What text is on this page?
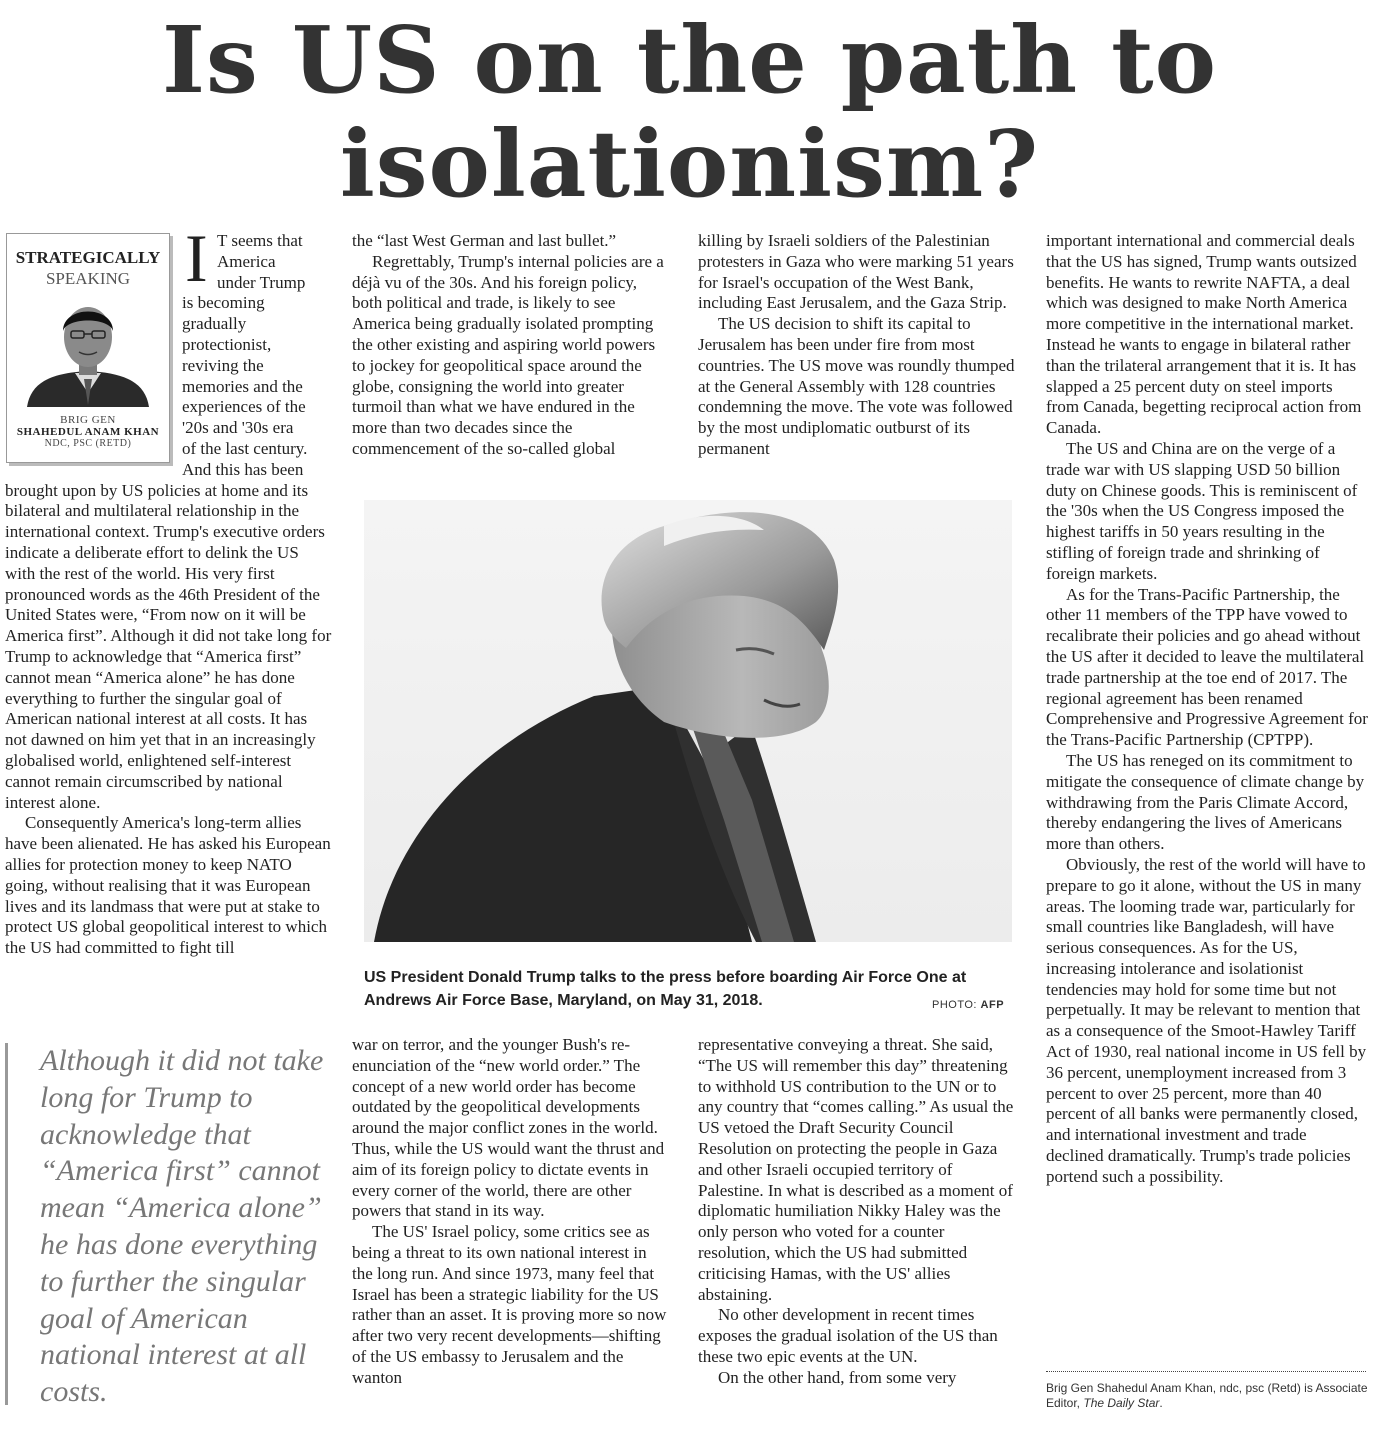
Is US on the path to isolationism?
STRATEGICALLY
SPEAKING
BRIG GEN
SHAHEDUL ANAM KHAN
NDC, PSC (RETD)
I T seems that
America
under Trump
is becoming
gradually
protectionist,
reviving the
memories and the
experiences of the
'20s and '30s era
of the last century.
And this has been

brought upon by US policies at home and its bilateral and multilateral relationship in the international context. Trump's executive orders indicate a deliberate effort to delink the US with the rest of the world. His very first pronounced words as the 46th President of the United States were, “From now on it will be America first”. Although it did not take long for Trump to acknowledge that “America first” cannot mean “America alone” he has done everything to further the singular goal of American national interest at all costs. It has not dawned on him yet that in an increasingly globalised world, enlightened self-interest cannot remain circumscribed by national interest alone.

Consequently America's long-term allies have been alienated. He has asked his European allies for protection money to keep NATO going, without realising that it was European lives and its landmass that were put at stake to protect US global geopolitical interest to which the US had committed to fight till

Although it did not take long for Trump to acknowledge that “America first” cannot mean “America alone” he has done everything to further the singular goal of American national interest at all costs.

the “last West German and last bullet.”

Regrettably, Trump's internal policies are a déjà vu of the 30s. And his foreign policy, both political and trade, is likely to see America being gradually isolated prompting the other existing and aspiring world powers to jockey for geopolitical space around the globe, consigning the world into greater turmoil than what we have endured in the more than two decades since the commencement of the so-called global

war on terror, and the younger Bush's re-enunciation of the “new world order.” The concept of a new world order has become outdated by the geopolitical developments around the major conflict zones in the world. Thus, while the US would want the thrust and aim of its foreign policy to dictate events in every corner of the world, there are other powers that stand in its way.

The US' Israel policy, some critics see as being a threat to its own national interest in the long run. And since 1973, many feel that Israel has been a strategic liability for the US rather than an asset. It is proving more so now after two very recent developments—shifting of the US embassy to Jerusalem and the wanton

killing by Israeli soldiers of the Palestinian protesters in Gaza who were marking 51 years for Israel's occupation of the West Bank, including East Jerusalem, and the Gaza Strip.

The US decision to shift its capital to Jerusalem has been under fire from most countries. The US move was roundly thumped at the General Assembly with 128 countries condemning the move. The vote was followed by the most undiplomatic outburst of its permanent

representative conveying a threat. She said, “The US will remember this day” threatening to withhold US contribution to the UN or to any country that “comes calling.” As usual the US vetoed the Draft Security Council Resolution on protecting the people in Gaza and other Israeli occupied territory of Palestine. In what is described as a moment of diplomatic humiliation Nikky Haley was the only person who voted for a counter resolution, which the US had submitted criticising Hamas, with the US' allies abstaining.

No other development in recent times exposes the gradual isolation of the US than these two epic events at the UN.

On the other hand, from some very

important international and commercial deals that the US has signed, Trump wants outsized benefits. He wants to rewrite NAFTA, a deal which was designed to make North America more competitive in the international market. Instead he wants to engage in bilateral rather than the trilateral arrangement that it is. It has slapped a 25 percent duty on steel imports from Canada, begetting reciprocal action from Canada.

The US and China are on the verge of a trade war with US slapping USD 50 billion duty on Chinese goods. This is reminiscent of the '30s when the US Congress imposed the highest tariffs in 50 years resulting in the stifling of foreign trade and shrinking of foreign markets.

As for the Trans-Pacific Partnership, the other 11 members of the TPP have vowed to recalibrate their policies and go ahead without the US after it decided to leave the multilateral trade partnership at the toe end of 2017. The regional agreement has been renamed Comprehensive and Progressive Agreement for the Trans-Pacific Partnership (CPTPP).

The US has reneged on its commitment to mitigate the consequence of climate change by withdrawing from the Paris Climate Accord, thereby endangering the lives of Americans more than others.

Obviously, the rest of the world will have to prepare to go it alone, without the US in many areas. The looming trade war, particularly for small countries like Bangladesh, will have serious consequences. As for the US, increasing intolerance and isolationist tendencies may hold for some time but not perpetually. It may be relevant to mention that as a consequence of the Smoot-Hawley Tariff Act of 1930, real national income in US fell by 36 percent, unemployment increased from 3 percent to over 25 percent, more than 40 percent of all banks were permanently closed, and international investment and trade declined dramatically. Trump's trade policies portend such a possibility.

US President Donald Trump talks to the press before boarding Air Force One at Andrews Air Force Base, Maryland, on May 31, 2018.	PHOTO: AFP
Brig Gen Shahedul Anam Khan, ndc, psc (Retd) is Associate Editor, The Daily Star.
